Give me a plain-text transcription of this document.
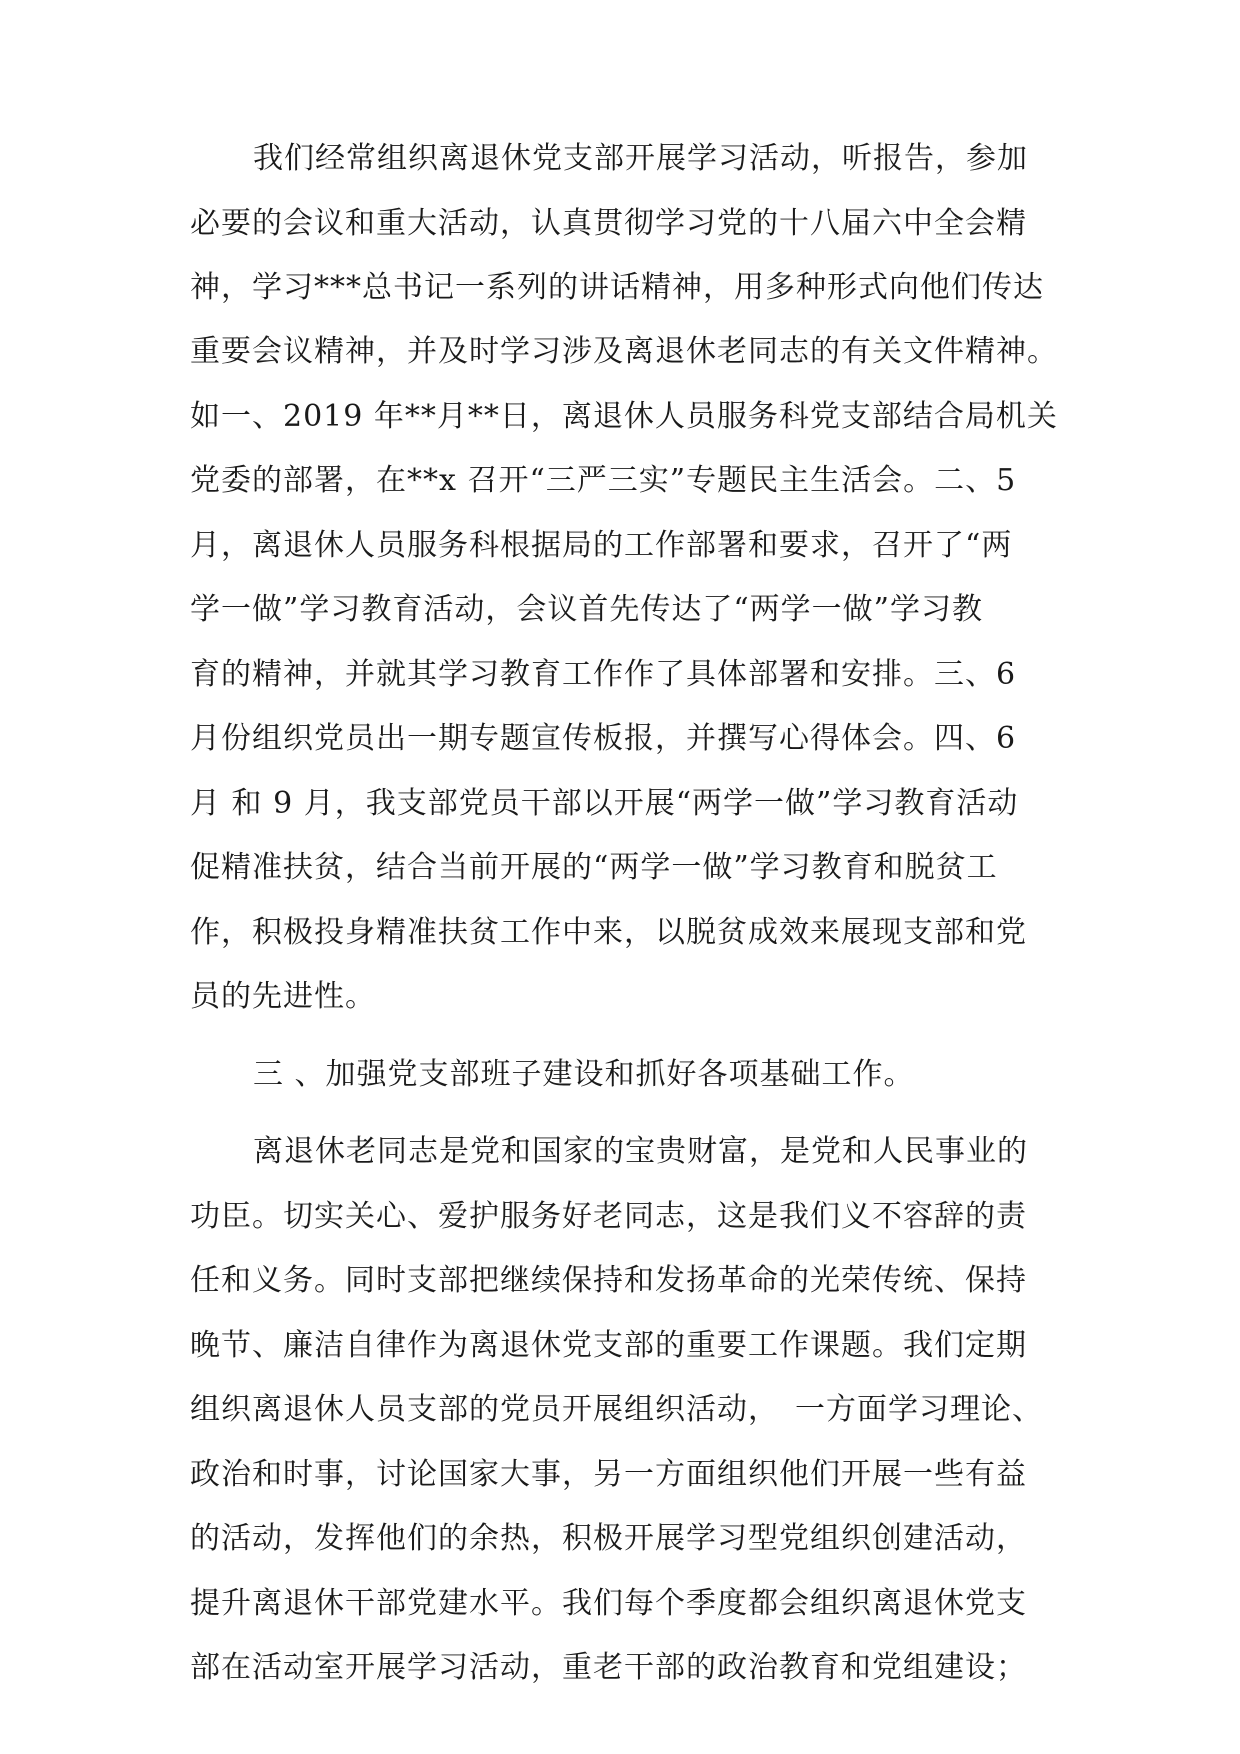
我们经常组织离退休党支部开展学习活动，听报告，参加

必要的会议和重大活动，认真贯彻学习党的十八届六中全会精

神，学习***总书记一系列的讲话精神，用多种形式向他们传达

重要会议精神，并及时学习涉及离退休老同志的有关文件精神。

如一、2019 年**月**日，离退休人员服务科党支部结合局机关

党委的部署，在**x 召开“三严三实”专题民主生活会。二、5

月，离退休人员服务科根据局的工作部署和要求，召开了“两

学一做”学习教育活动，会议首先传达了“两学一做”学习教

育的精神，并就其学习教育工作作了具体部署和安排。三、6

月份组织党员出一期专题宣传板报，并撰写心得体会。四、6

月 和 9 月，我支部党员干部以开展“两学一做”学习教育活动

促精准扶贫，结合当前开展的“两学一做”学习教育和脱贫工

作，积极投身精准扶贫工作中来，以脱贫成效来展现支部和党

员的先进性。

三 、加强党支部班子建设和抓好各项基础工作。

离退休老同志是党和国家的宝贵财富，是党和人民事业的

功臣。切实关心、爱护服务好老同志，这是我们义不容辞的责

任和义务。同时支部把继续保持和发扬革命的光荣传统、保持

晚节、廉洁自律作为离退休党支部的重要工作课题。我们定期

组织离退休人员支部的党员开展组织活动，　一方面学习理论、

政治和时事，讨论国家大事，另一方面组织他们开展一些有益

的活动，发挥他们的余热，积极开展学习型党组织创建活动，

提升离退休干部党建水平。我们每个季度都会组织离退休党支

部在活动室开展学习活动，重老干部的政治教育和党组建设；
